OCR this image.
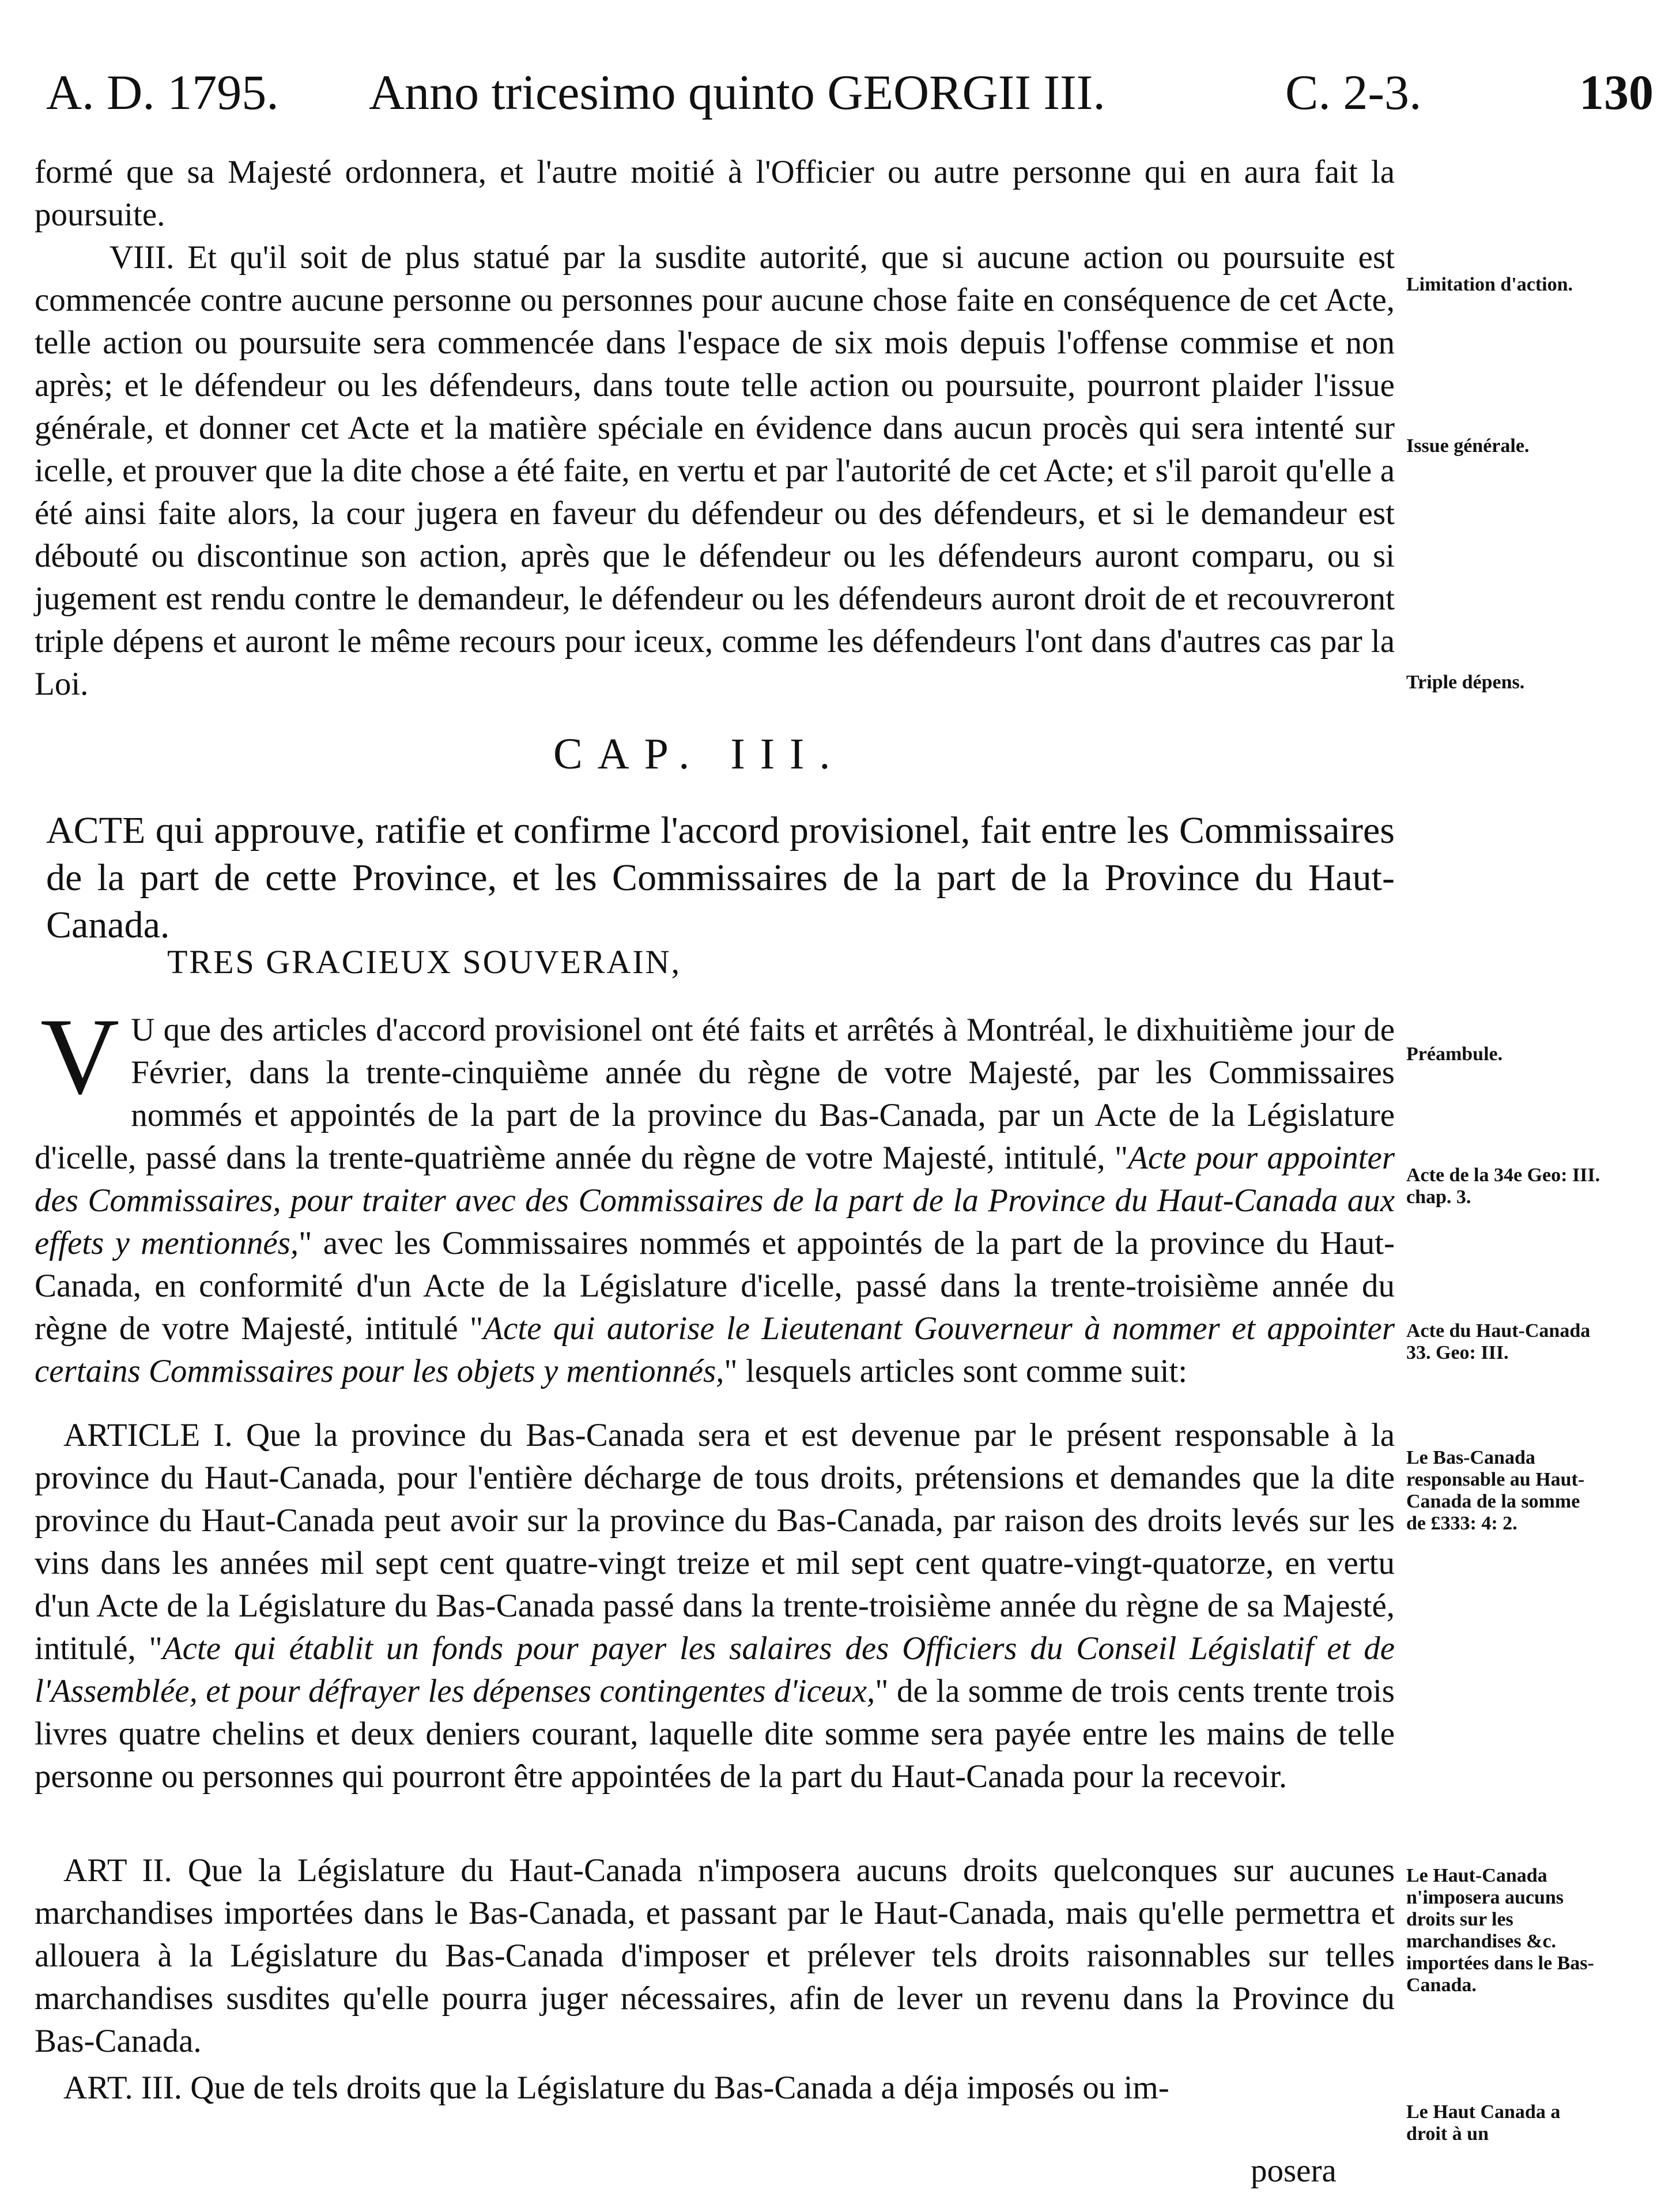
A. D. 1795. Anno tricesimo quinto GEORGII III.	C. 2-3.	130

formé que sa Majesté ordonnera, et l'autre moitié à l'Officier ou autre personne qui en aura fait la poursuite.

VIII. Et qu'il soit de plus statué par la susdite autorité, que si aucune action ou poursuite est commencée contre aucune personne ou personnes pour aucune chose faite en conséquence de cet Acte, telle action ou poursuite sera commencée dans l'espace de six mois depuis l'offense commise et non après; et le défendeur ou les défendeurs, dans toute telle action ou poursuite, pourront plaider l'issue générale, et donner cet Acte et la matière spéciale en évidence dans aucun procès qui sera intenté sur icelle, et prouver que la dite chose a été faite, en vertu et par l'autorité de cet Acte; et s'il paroit qu'elle a été ainsi faite alors, la cour jugera en faveur du défendeur ou des défendeurs, et si le demandeur est débouté ou discontinue son action, après que le défendeur ou les défendeurs auront comparu, ou si jugement est rendu contre le demandeur, le défendeur ou les défendeurs auront droit de et recouvreront triple dépens et auront le même recours pour iceux, comme les défendeurs l'ont dans d'autres cas par la Loi.

CAP. III.
ACTE qui approuve, ratifie et confirme l'accord provisionel, fait entre les Commissaires de la part de cette Province, et les Commissaires de la part de la Province du Haut-Canada.
TRES GRACIEUX SOUVERAIN,
V U que des articles d'accord provisionel ont été faits et arrêtés à Montréal, le dixhuitième jour de Février, dans la trente-cinquième année du règne de votre Majesté, par les Commissaires nommés et appointés de la part de la province du Bas-Canada, par un Acte de la Législature d'icelle, passé dans la trente-quatrième année du règne de votre Majesté, intitulé, "Acte pour appointer des Commissaires, pour traiter avec des Commissaires de la part de la Province du Haut-Canada aux effets y mentionnés," avec les Commissaires nommés et appointés de la part de la province du Haut-Canada, en conformité d'un Acte de la Législature d'icelle, passé dans la trente-troisième année du règne de votre Majesté, intitulé "Acte qui autorise le Lieutenant Gouverneur à nommer et appointer certains Commissaires pour les objets y mentionnés," lesquels articles sont comme suit:
ARTICLE I. Que la province du Bas-Canada sera et est devenue par le présent responsable à la province du Haut-Canada, pour l'entière décharge de tous droits, prétensions et demandes que la dite province du Haut-Canada peut avoir sur la province du Bas-Canada, par raison des droits levés sur les vins dans les années mil sept cent quatre-vingt treize et mil sept cent quatre-vingt-quatorze, en vertu d'un Acte de la Législature du Bas-Canada passé dans la trente-troisième année du règne de sa Majesté, intitulé, "Acte qui établit un fonds pour payer les salaires des Officiers du Conseil Législatif et de l'Assemblée, et pour défrayer les dépenses contingentes d'iceux," de la somme de trois cents trente trois livres quatre chelins et deux deniers courant, laquelle dite somme sera payée entre les mains de telle personne ou personnes qui pourront être appointées de la part du Haut-Canada pour la recevoir.
ART II. Que la Législature du Haut-Canada n'imposera aucuns droits quelconques sur aucunes marchandises importées dans le Bas-Canada, et passant par le Haut-Canada, mais qu'elle permettra et allouera à la Législature du Bas-Canada d'imposer et prélever tels droits raisonnables sur telles marchandises susdites qu'elle pourra juger nécessaires, afin de lever un revenu dans la Province du Bas-Canada.
ART. III. Que de tels droits que la Législature du Bas-Canada a déja imposés ou im-
posera
Limitation d'action.
Issue générale.
Triple dépens.
Préambule.
Acte de la 34e Geo: III. chap. 3.
Acte du Haut-Canada 33. Geo: III.
Le Bas-Canada responsable au Haut-Canada de la somme de £333: 4: 2.
Le Haut-Canada n'imposera aucuns droits sur les marchandises &c. importées dans le Bas-Canada.
Le Haut Canada a droit à un
